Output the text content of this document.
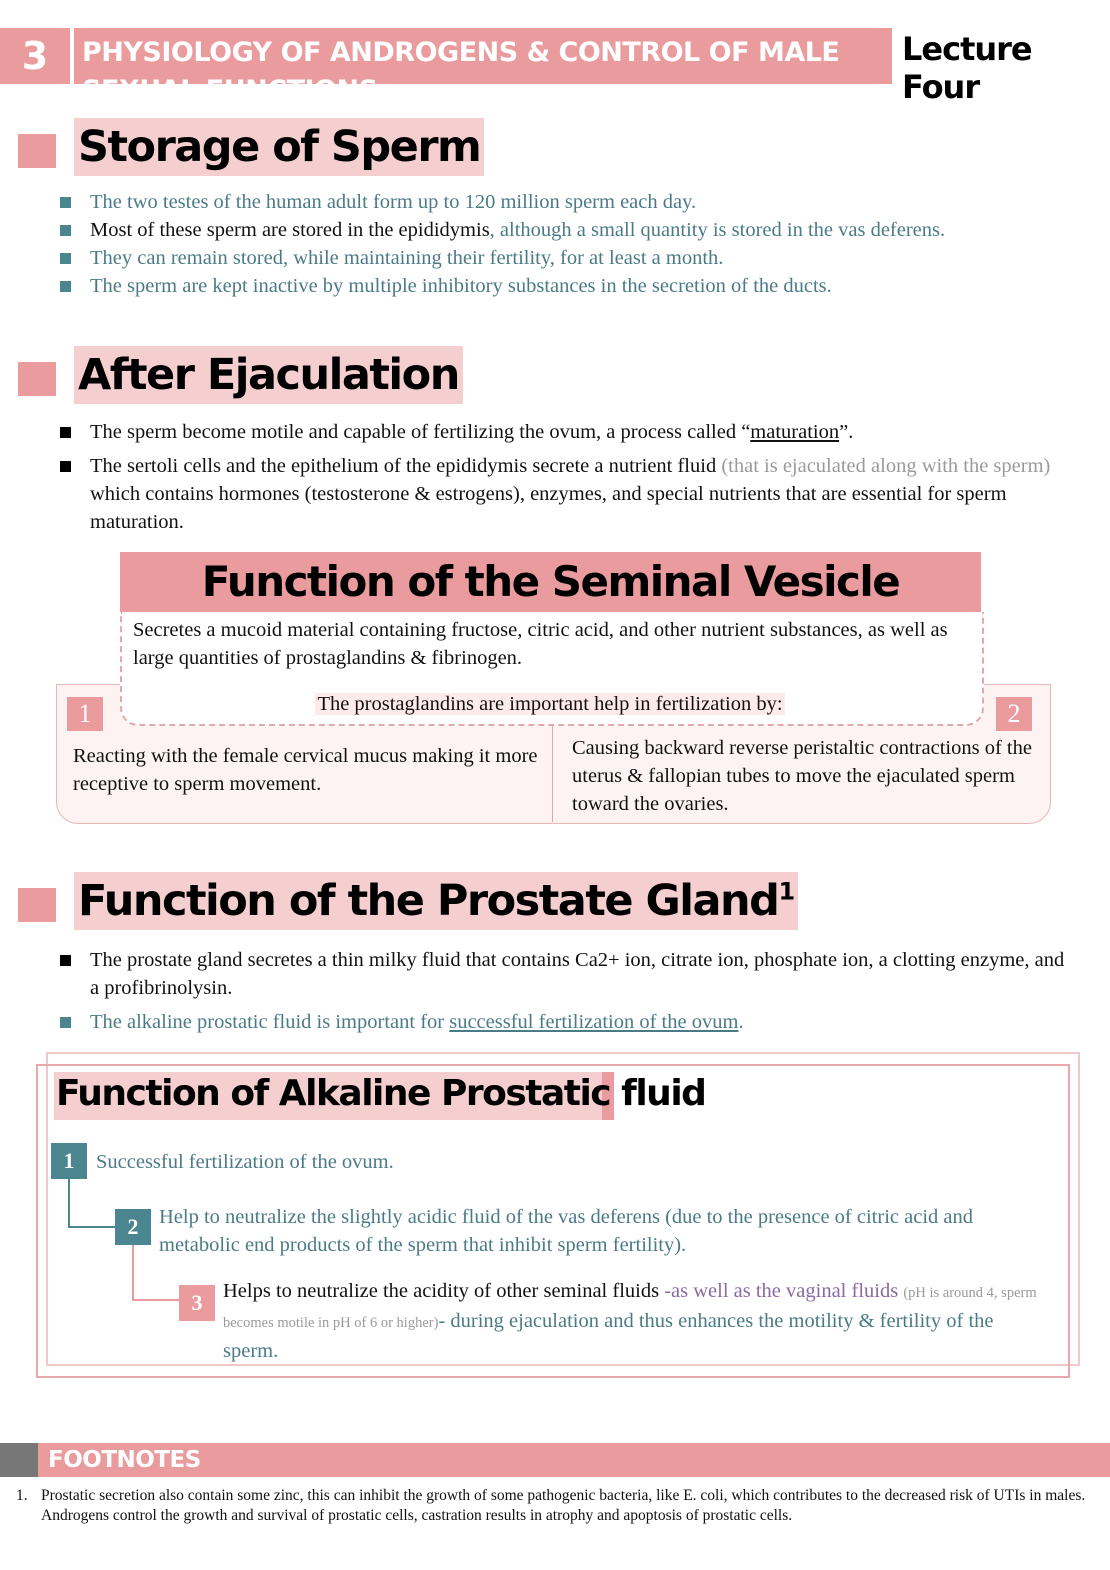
3	PHYSIOLOGY OF ANDROGENS & CONTROL OF MALE SEXUAL FUNCTIONS
Lecture Four
Storage of Sperm
The two testes of the human adult form up to 120 million sperm each day.
Most of these sperm are stored in the epididymis, although a small quantity is stored in the vas deferens.
They can remain stored, while maintaining their fertility, for at least a month.
The sperm are kept inactive by multiple inhibitory substances in the secretion of the ducts.
After Ejaculation
The sperm become motile and capable of fertilizing the ovum, a process called “maturation”.
The sertoli cells and the epithelium of the epididymis secrete a nutrient fluid (that is ejaculated along with the sperm) which contains hormones (testosterone & estrogens), enzymes, and special nutrients that are essential for sperm maturation.
Function of the Seminal Vesicle
Secretes a mucoid material containing fructose, citric acid, and other nutrient substances, as well as large quantities of prostaglandins & fibrinogen.
The prostaglandins are important help in fertilization by:
1	2
Reacting with the female cervical mucus making it more receptive to sperm movement.
Causing backward reverse peristaltic contractions of the uterus & fallopian tubes to move the ejaculated sperm toward the ovaries.
Function of the Prostate Gland$^1$
The prostate gland secretes a thin milky fluid that contains Ca2+ ion, citrate ion, phosphate ion, a clotting enzyme, and a profibrinolysin.
The alkaline prostatic fluid is important for successful fertilization of the ovum.
Function of Alkaline Prostatic fluid
1	Successful fertilization of the ovum.
2	Help to neutralize the slightly acidic fluid of the vas deferens (due to the presence of citric acid and metabolic end products of the sperm that inhibit sperm fertility).
3	Helps to neutralize the acidity of other seminal fluids -as well as the vaginal fluids (pH is around 4, sperm becomes motile in pH of 6 or higher)- during ejaculation and thus enhances the motility & fertility of the sperm.
FOOTNOTES
1. Prostatic secretion also contain some zinc, this can inhibit the growth of some pathogenic bacteria, like E. coli, which contributes to the decreased risk of UTIs in males. Androgens control the growth and survival of prostatic cells, castration results in atrophy and apoptosis of prostatic cells.
